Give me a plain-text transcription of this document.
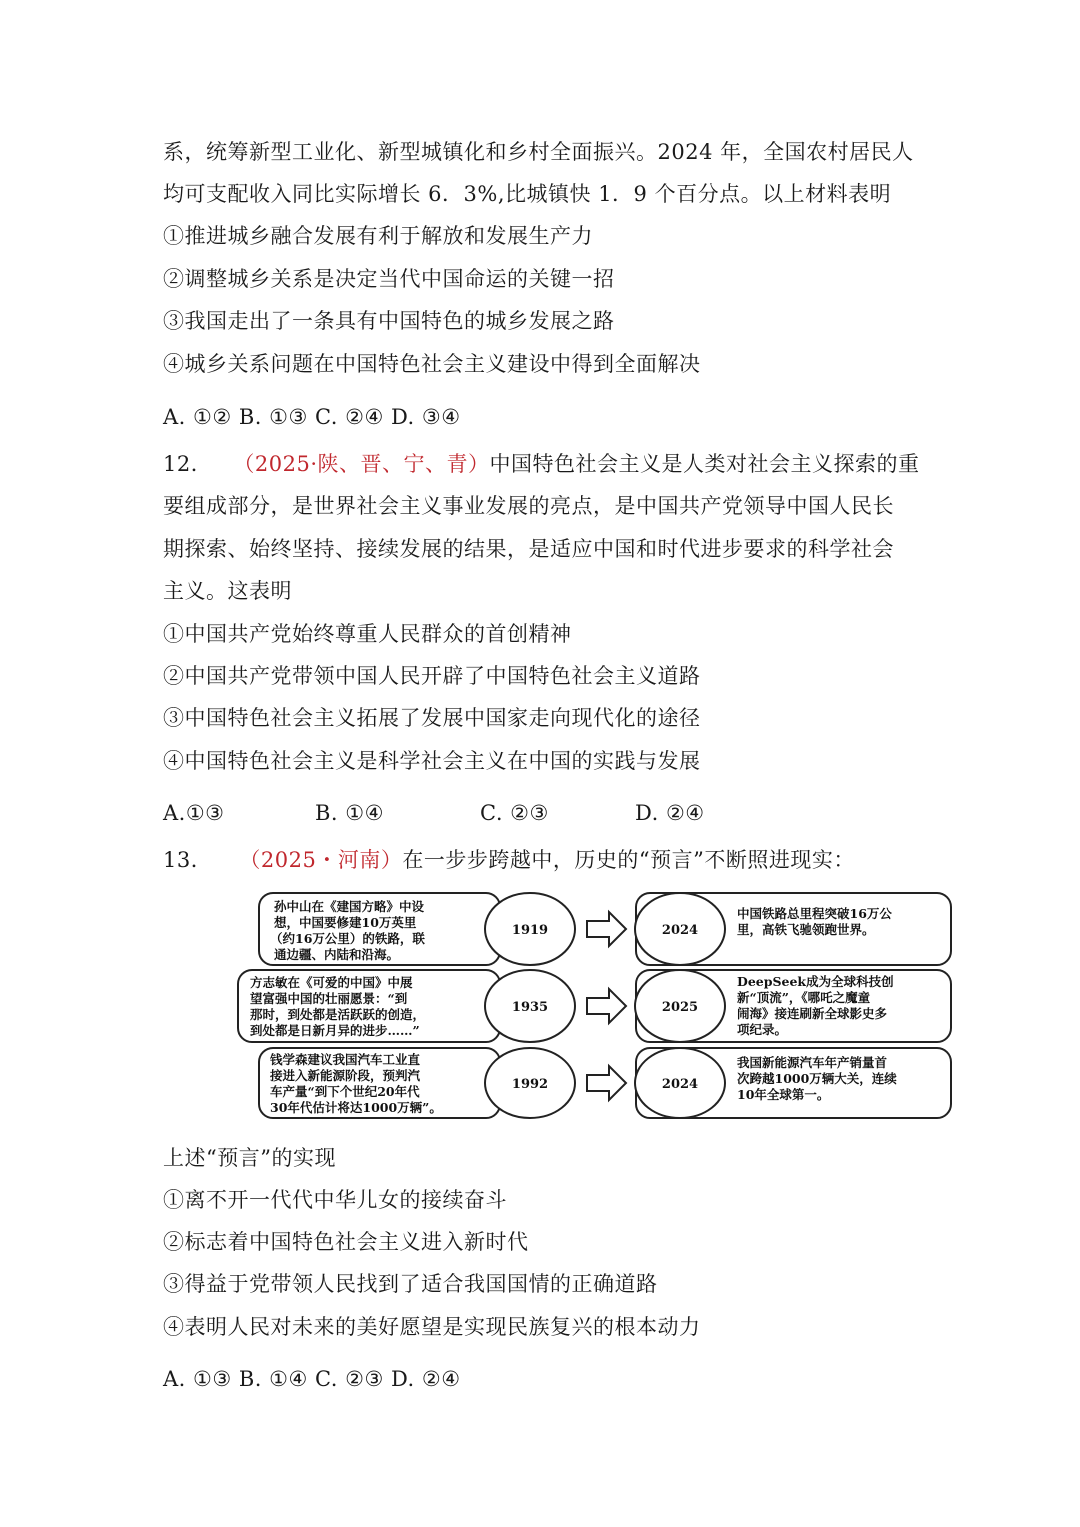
系，统筹新型工业化、新型城镇化和乡村全面振兴。2024 年，全国农村居民人
均可支配收入同比实际增长 6．3%,比城镇快 1．9 个百分点。以上材料表明
①推进城乡融合发展有利于解放和发展生产力
②调整城乡关系是决定当代中国命运的关键一招
③我国走出了一条具有中国特色的城乡发展之路
④城乡关系问题在中国特色社会主义建设中得到全面解决
A. ①② B. ①③ C. ②④ D. ③④
12． （2025·陕、晋、宁、青）中国特色社会主义是人类对社会主义探索的重
要组成部分，是世界社会主义事业发展的亮点，是中国共产党领导中国人民长
期探索、始终坚持、接续发展的结果，是适应中国和时代进步要求的科学社会
主义。这表明
①中国共产党始终尊重人民群众的首创精神
②中国共产党带领中国人民开辟了中国特色社会主义道路
③中国特色社会主义拓展了发展中国家走向现代化的途径
④中国特色社会主义是科学社会主义在中国的实践与发展
A.①③	B. ①④	C. ②③	D. ②④
13． （2025・河南）在一步步跨越中，历史的“预言”不断照进现实：
孙中山在《建国方略》中设 想，中国要修建10万英里 （约16万公里）的铁路，联 通边疆、内陆和沿海。
1919	2024
中国铁路总里程突破16万公 里，高铁飞驰领跑世界。
方志敏在《可爱的中国》中展 望富强中国的壮丽愿景：“到 那时，到处都是活跃跃的创造， 到处都是日新月异的进步……”
1935	2025
DeepSeek成为全球科技创 新“顶流”，《哪吒之魔童 闹海》接连刷新全球影史多 项纪录。
钱学森建议我国汽车工业直 接进入新能源阶段，预判汽 车产量“到下个世纪20年代 30年代估计将达1000万辆”。
1992	2024
我国新能源汽车年产销量首 次跨越1000万辆大关，连续 10年全球第一。
上述“预言”的实现
①离不开一代代中华儿女的接续奋斗
②标志着中国特色社会主义进入新时代
③得益于党带领人民找到了适合我国国情的正确道路
④表明人民对未来的美好愿望是实现民族复兴的根本动力
A. ①③ B. ①④ C. ②③ D. ②④
